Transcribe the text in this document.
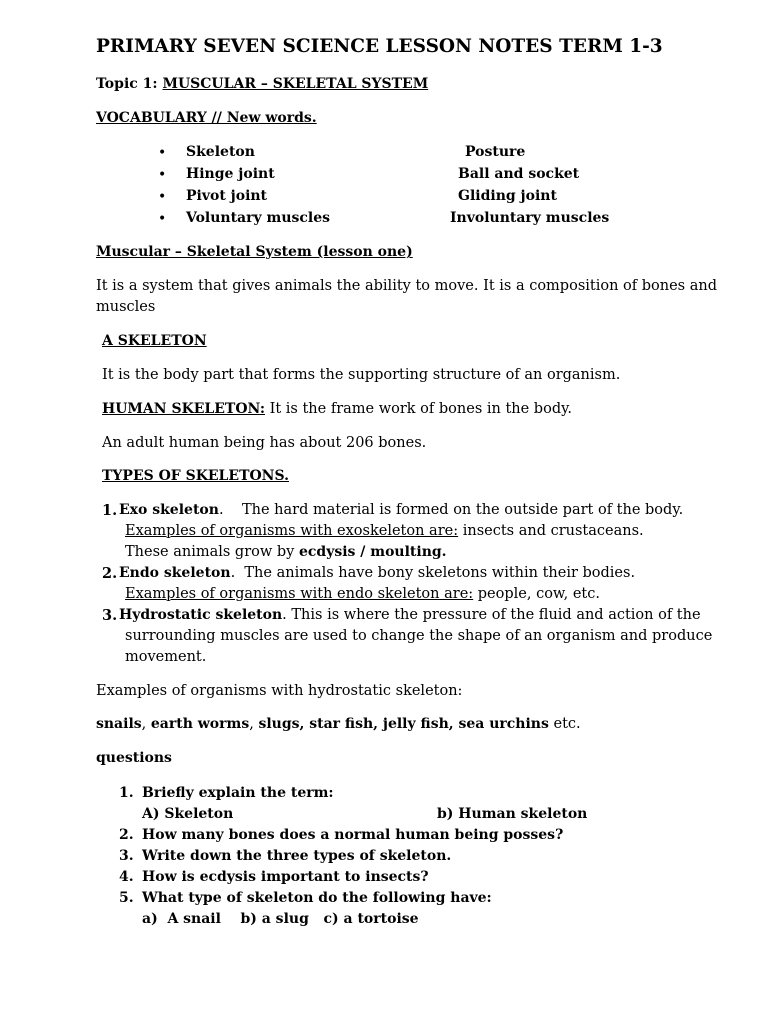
PRIMARY SEVEN SCIENCE LESSON NOTES TERM 1-3
Topic 1: MUSCULAR – SKELETAL SYSTEM
VOCABULARY // New words.
• Skeleton	Posture
• Hinge joint	Ball and socket
• Pivot joint	Gliding joint
• Voluntary muscles	Involuntary muscles
Muscular – Skeletal System (lesson one)
It is a system that gives animals the ability to move. It is a composition of bones and
muscles
A SKELETON
It is the body part that forms the supporting structure of an organism.
HUMAN SKELETON: It is the frame work of bones in the body.
An adult human being has about 206 bones.
TYPES OF SKELETONS.
1. Exo skeleton.    The hard material is formed on the outside part of the body.
Examples of organisms with exoskeleton are: insects and crustaceans.
These animals grow by ecdysis / moulting.
2. Endo skeleton.  The animals have bony skeletons within their bodies.
Examples of organisms with endo skeleton are: people, cow, etc.
3. Hydrostatic skeleton. This is where the pressure of the fluid and action of the
surrounding muscles are used to change the shape of an organism and produce
movement.
Examples of organisms with hydrostatic skeleton:
snails, earth worms, slugs, star fish, jelly fish, sea urchins etc.
questions
1. Briefly explain the term:
A) Skeleton	b) Human skeleton
2. How many bones does a normal human being posses?
3. Write down the three types of skeleton.
4. How is ecdysis important to insects?
5. What type of skeleton do the following have:
a)  A snail b) a slug c) a tortoise
